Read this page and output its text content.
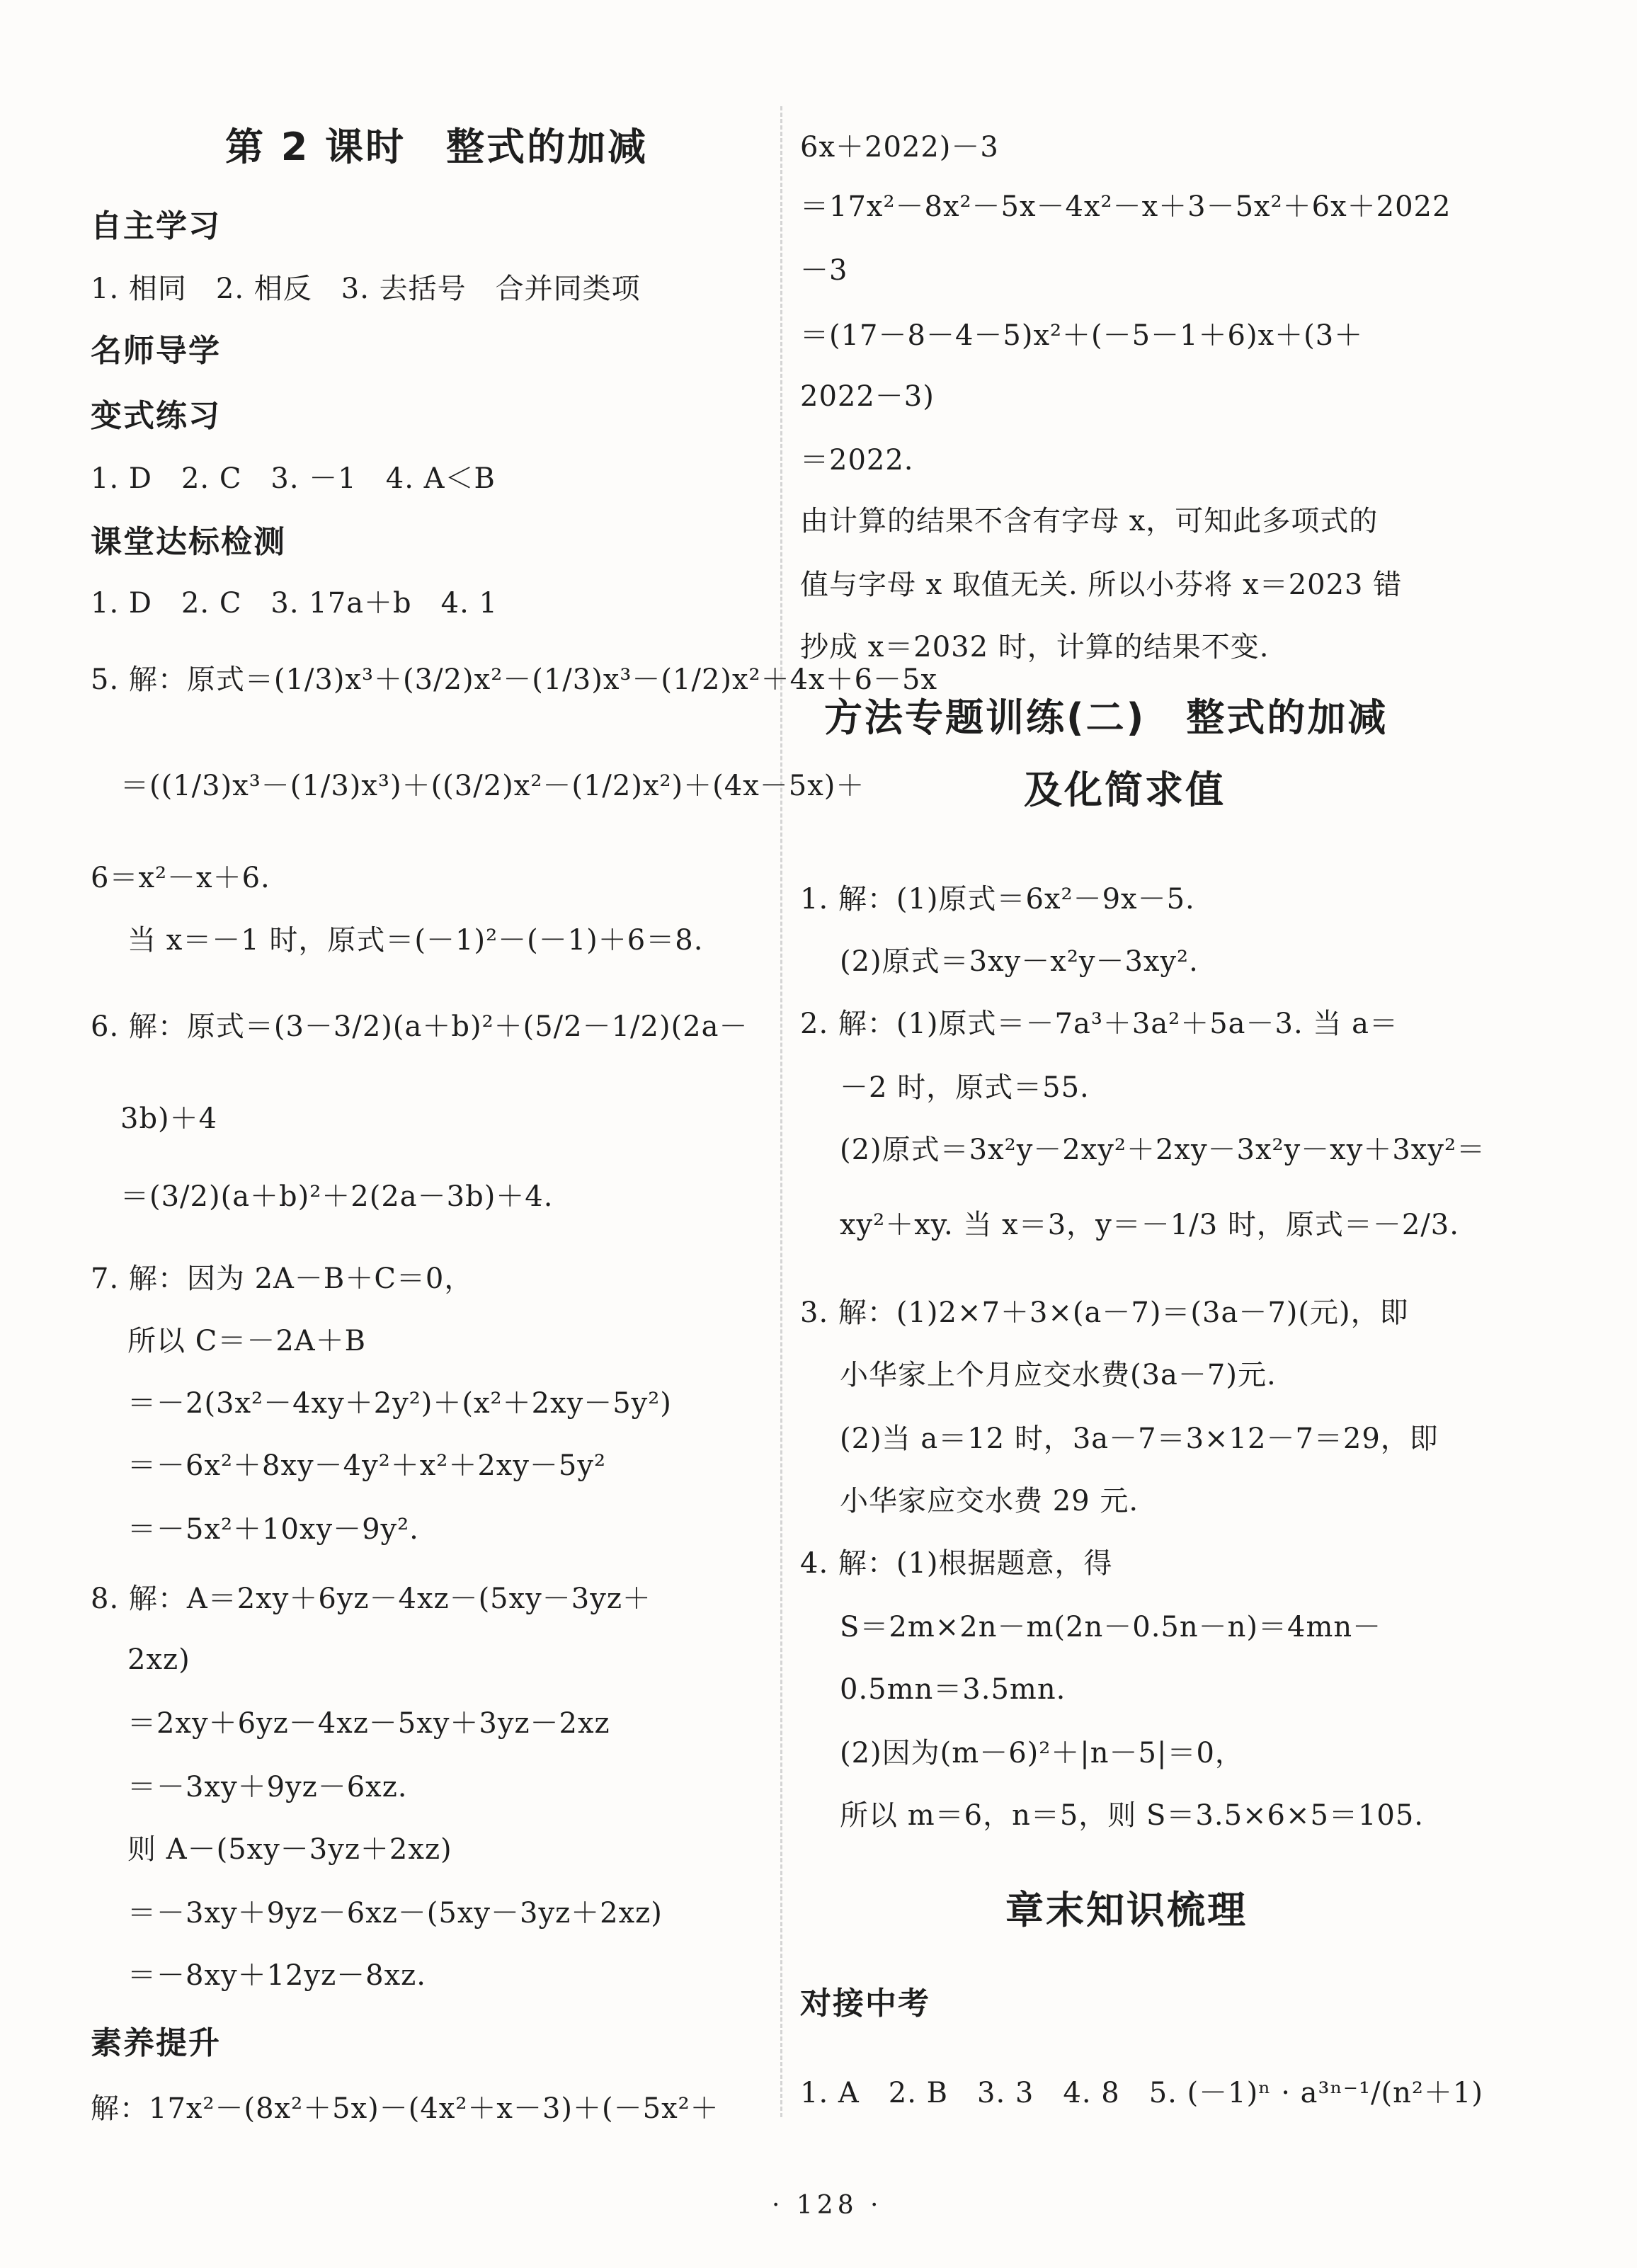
第 2 课时　整式的加减
自主学习
1. 相同　2. 相反　3. 去括号　合并同类项
名师导学
变式练习
1. D　2. C　3. －1　4. A＜B
课堂达标检测
1. D　2. C　3. 17a＋b　4. 1
5. 解：原式＝(1/3)x³＋(3/2)x²－(1/3)x³－(1/2)x²＋4x＋6－5x
＝((1/3)x³－(1/3)x³)＋((3/2)x²－(1/2)x²)＋(4x－5x)＋
6＝x²－x＋6.
当 x＝－1 时，原式＝(－1)²－(－1)＋6＝8.
6. 解：原式＝(3－3/2)(a＋b)²＋(5/2－1/2)(2a－
3b)＋4
＝(3/2)(a＋b)²＋2(2a－3b)＋4.
7. 解：因为 2A－B＋C＝0，
所以 C＝－2A＋B
＝－2(3x²－4xy＋2y²)＋(x²＋2xy－5y²)
＝－6x²＋8xy－4y²＋x²＋2xy－5y²
＝－5x²＋10xy－9y².
8. 解：A＝2xy＋6yz－4xz－(5xy－3yz＋
2xz)
＝2xy＋6yz－4xz－5xy＋3yz－2xz
＝－3xy＋9yz－6xz.
则 A－(5xy－3yz＋2xz)
＝－3xy＋9yz－6xz－(5xy－3yz＋2xz)
＝－8xy＋12yz－8xz.
素养提升
解：17x²－(8x²＋5x)－(4x²＋x－3)＋(－5x²＋
6x＋2022)－3
＝17x²－8x²－5x－4x²－x＋3－5x²＋6x＋2022
－3
＝(17－8－4－5)x²＋(－5－1＋6)x＋(3＋
2022－3)
＝2022.
由计算的结果不含有字母 x，可知此多项式的
值与字母 x 取值无关. 所以小芬将 x＝2023 错
抄成 x＝2032 时，计算的结果不变.
方法专题训练(二)　整式的加减
及化简求值
1. 解：(1)原式＝6x²－9x－5.
(2)原式＝3xy－x²y－3xy².
2. 解：(1)原式＝－7a³＋3a²＋5a－3. 当 a＝
－2 时，原式＝55.
(2)原式＝3x²y－2xy²＋2xy－3x²y－xy＋3xy²＝
xy²＋xy. 当 x＝3，y＝－1/3 时，原式＝－2/3.
3. 解：(1)2×7＋3×(a－7)＝(3a－7)(元)，即
小华家上个月应交水费(3a－7)元.
(2)当 a＝12 时，3a－7＝3×12－7＝29，即
小华家应交水费 29 元.
4. 解：(1)根据题意，得
S＝2m×2n－m(2n－0.5n－n)＝4mn－
0.5mn＝3.5mn.
(2)因为(m－6)²＋|n－5|＝0，
所以 m＝6，n＝5，则 S＝3.5×6×5＝105.
章末知识梳理
对接中考
1. A　2. B　3. 3　4. 8　5. (－1)ⁿ · a³ⁿ⁻¹/(n²＋1)
· 128 ·
